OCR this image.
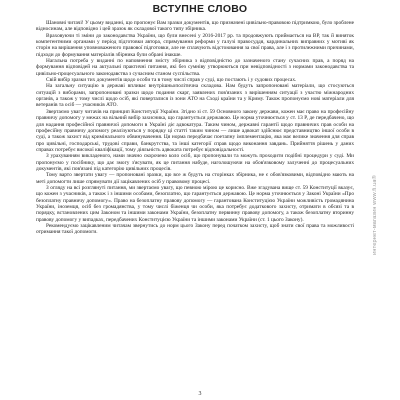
ВСТУПНЕ СЛОВО

Шановні читачі! У цьому виданні, що пропонує Вам зразки документів, що призначені цивільно-правовою підтримкою, було зроблене відносинам, але відповідно і цей зразок як складової такого типу збірника.

Враховуючи ті зміни до законодавства України, що були внесені у 2016-2017 рр. та продовжують приймається на ВР, так й виняток компетентними органами у період підготовки автора, спрямування реформи у галузі правосуддя, кардинальних виправних у мотиві як сторін на вирішення уповноваженого правової підготовки, але не сплачують відстоювання за свої права, але і з протилежними причинами, підходи до формування матеріалів збірника були обрані інакше.

Нагальна потреба у виданні по наповнення змісту збірника з відповідністю до зазначеного стану сучасних прав, а поряд на формування відповідей на актуальні практичні питання, які без сумніву утворюються при невідповідності з нормами законодавства та цивільно-процесуального законодавства з сучасним станом суспільства.

Свій вибір зразки тих документів щодо особи та в тому числі справ у суді, що постають і у судових процесах.

На загальну ситуацію в державі впливає внутрішньополітична складова. Нам будуть запропоновані матеріали, що стосуються ситуацій з виборами, запропоновані зразки щодо подання скарг, заявлених пов'язаних з вирішенням ситуації з участю міжнародних органів, а також у тому числі щодо осіб, які поверталися із зони АТО на Сході країни та у Криму. Також пропонуємо нові матеріали для ветеранів та осіб — учасників АТО.

Звертаємо увагу читачів на принцип Конституції України. Згідно зі ст. 59 Основного закону держави, кожен має право на професійну правничу допомогу у межах на вільний вибір захисника, що гарантується державою. Це норма уточнюється у ст. 13 Р, де передбачено, що для надання професійної правничої допомоги в Україні діє адвокатура. Таким чином, державні гарантії щодо правничих прав особи на професійну правничу допомогу реалізуються у порядку ці статті таким чином — лише адвокат здійснює представництво іншої особи в суді, а також захист від кримінального обвинувачення. Ця норма передбачає поетапну імплементацію, яка має велике значення для справ про цивільні, господарські, трудові справи, банкрутства, та інші категорії справ щодо виконання завдань. Прийняття рішень у даних справах потребує високої кваліфікації, тому діяльність адвоката потребує відповідальності.

З урахуванням викладеного, нами значно скорочено коло осіб, що пропонували та можуть проходити подібні процедури у суді. Ми пропонуємо у посібнику, що дає змогу з'ясувати, як це питання набуде, наголошуючи на обов'язковому залученні до процесуальних документів, які пов'язані під категорію цивільних процесів.

Тому варто звертати увагу — пропоновані зразки, що все ж будуть на сторінках збірника, не є обов'язковими, відповідно мають на меті допомогти лише спрямувати дії зацікавлених осіб у правовому процесі.

З огляду на всі розглянуті питання, ми звертаємо увагу, що певною мірою це корисно. Вже згадувана вище ст. 59 Конституції вказує, що кожен з учасників, а також і з іншими особами, безоплатно, що гарантується державою. Це норма уточнюється у Законі України «Про безоплатну правничу допомогу». Право на безоплатну правову допомогу — гарантована Конституцією України можливість громадянина України, іноземця, осіб без громадянства, у тому числі біженця чи особи, яка потребує додаткового захисту, отримати в обсязі та в порядку, встановлених цим Законом та іншими законами України, безоплатну первинну правову допомогу, а також безоплатну вторинну правову допомогу у випадках, передбачених Конституцією України та іншими законами України (ст. 1 цього Закону).

Рекомендуємо зацікавленим читачам звернутись до норм цього Закону перед початком захисту, щоб знати свої права та можливості отримання такої допомоги.

3
интернет-магазин www.fi.ua®
